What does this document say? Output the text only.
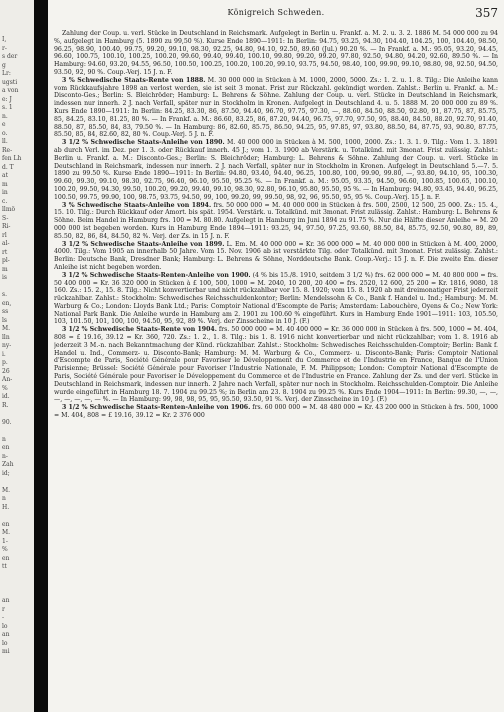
I,
r-
s der
g
Lr:
ugsti
a von
e: J
s. 1
n.
e
o.
ll.
Re-
fen Lh
d. T
at
m
in
c.
llmö
S-
Ri-
rl
al-
rt
pl-
m
is
s.
en,
ss
ls
M.
lln
ny-
i.
p.
26
An-
%
id.
R.
90.
n
en
n-
Zah
id;
M.
n
H.
en
M.
1-
%
en
tt
an
r
-
lo
an
lo
mi
Königreich Schweden.	357

Zahlung der Coup. u. verl. Stücke in Deutschland in Reichsmark. Aufgelegt in Berlin u. Frankf. a. M. 2. u. 3. 2. 1886 M. 54 000 000 zu 94 %, aufgelegt in Hamburg (5. 1890 zu 99,50 %). Kurse Ende 1890—1911: In Berlin: 94.75, 93.25, 94.30, 104.40, 104.25, 100, 104.40, 98.50, 96.25, 98.90, 100.40, 99.75, 99.20, 99.10, 98.30, 92.25, 94.80, 94.10, 92.50, 89.60 (Jul.) 90.20 %. — In Frankf. a. M.: 95.05, 93.20, 94.45, 96.60, 100.75, 100.10, 100.25, 100.20, 99.60, 99.40, 99.40, 100.10, 99.80, 99.20, 99.20, 97.80, 92.50, 94.80, 94.20, 92.60, 89.50 %. — In Hamburg: 94.60, 93.20, 94.55, 96.50, 100.50, 100.25, 100.20, 100.20, 99.10, 93.75, 94.50, 98.40, 100, 99.90, 99.10, 98.80, 98, 92.50, 94.50, 93.50, 92, 90 %. Coup.-Verj. 15 J. n. F.

3 % Schwedische Staats-Rente von 1888. M. 30 000 000 in Stücken à M. 1000, 2000, 5000. Zs.: 1. 2. u. 1. 8. Tilg.: Die Anleihe kann vom Rückkaufsjahre 1898 an verlost werden, sie ist seit 3 monat. Frist zur Rückzahl. gekündigt worden. Zahlst.: Berlin u. Frankf. a. M.: Disconto-Ges.; Berlin: S. Bleichröder; Hamburg: L. Behrens & Söhne. Zahlung der Coup. u. verl. Stücke in Deutschland in Reichsmark, indessen nur innerh. 2 J. nach Verfall, später nur in Stockholm in Kronen. Aufgelegt in Deutschland 4. u. 5. 1888 M. 20 000 000 zu 89 %. Kurs Ende 1890—1911: In Berlin: 84.25, 83.30, 86, 87.50, 94.40, 96.70, 97.75, 97.30, —, 88.60, 84.50, 88.50, 92.80, 91, 87.75, 87, 85.75, 85, 84.25, 83.10, 81.25, 80 %. — In Frankf. a. M.: 86.60, 83.25, 86, 87.20, 94.40, 96.75, 97.70, 97.50, 95, 88.40, 84.50, 88.20, 92.70, 91.40, 88.50, 87, 85.50, 84, 83, 79.50 %. — In Hamburg: 86, 82.60, 85.75, 86.50, 94.25, 95, 97.85, 97, 93.80, 88.50, 84, 87.75, 93, 90.80, 87.75, 85.50, 85, 84, 82.60, 82, 80 %. Coup.-Verj. 5 J. n. F.

3 1/2 % Schwedische Staats-Anleihe von 1890. M. 40 000 000 in Stücken à M. 500, 1000, 2000. Zs.: 1. 3. 1. 9. Tilg.: Vom 1. 3. 1891 ab durch Verl. im Dez. per 1. 3. oder Rückkauf innerh. 45 J.; vom 1. 3. 1900 ab Verstärk. u. Totalkünd. mit 3monat. Frist zulässig. Zahlst.: Berlin u. Frankf. a. M.: Disconto-Ges.; Berlin: S. Bleichröder; Hamburg: L. Behrens & Söhne. Zahlung der Coup. u. verl. Stücke in Deutschland in Reichsmark, indessen nur innerh. 2 J. nach Verfall, später nur in Stockholm in Kronen. Aufgelegt in Deutschland 5.—7. 5. 1890 zu 99.50 %. Kurse Ende 1890—1911: In Berlin: 94.80, 93.40, 94.40, 96.25, 100.80, 100, 99.90, 99.80, —, 93.80, 94.10, 95, 100.30, 99.60, 99.30, 99.10, 98.30, 92.75, 96.40, 96.10, 95.50, 95.25 %. — In Frankf. a. M.: 95.05, 93.35, 94.50, 96.60, 100.85, 100.65, 100.10, 100.20, 99.50, 94.30, 99.50, 100.20, 99.20, 99.40, 99.10, 98.30, 92.80, 96.10, 95.80, 95.50, 95 %. — In Hamburg: 94.80, 93.45, 94.40, 96.25, 100.50, 99.75, 99.90, 100, 98.75, 93.75, 94.50, 99, 100, 99.20, 99, 99.50, 98, 92, 96, 95.50, 95, 95 %. Coup.-Verj. 15 J. n. F.

3 % Schwedische Staats-Anleihe von 1894. frs. 50 000 000 = M. 40 000 000 in Stücken à frs. 500, 2500, 12 500, 25 000. Zs.: 15. 4., 15. 10. Tilg.: Durch Rückkauf oder Amort. bis spät. 1954. Verstärk. u. Totalkünd. mit 3monat. Frist zulässig. Zahlst.: Hamburg: L. Behrens & Söhne. Beim Handel in Hamburg frs. 100 = M. 80.80. Aufgelegt in Hamburg im Juni 1894 zu 91.75 %. Nur die Hälfte dieser Anleihe = M. 20 000 000 ist begeben worden. Kurs in Hamburg Ende 1894—1911: 93.25, 94, 97.50, 97.25, 93.60, 88.50, 84, 85.75, 92.50, 90.80, 89, 89, 85.50, 82, 86, 84, 84.50, 82 %. Verj. der Zs. in 15 J. n. F.

3 1/2 % Schwedische Staats-Anleihe von 1899. L. Em. M. 40 000 000 = Kr. 36 000 000 = M. 40 000 000 in Stücken à M. 400, 2000, 4000. Tilg.: Vom 1905 an innerhalb 50 Jahre. Vom 15. Nov. 1906 ab ist verstärkte Tilg. oder Totalkünd. mit 3monat. Frist zulässig. Zahlst.: Berlin: Deutsche Bank, Dresdner Bank; Hamburg: L. Behrens & Söhne, Norddeutsche Bank. Coup.-Verj.: 15 J. n. F. Die zweite Em. dieser Anleihe ist nicht begeben worden.

3 1/2 % Schwedische Staats-Renten-Anleihe von 1900. (4 % bis 15./8. 1910, seitdem 3 1/2 %) frs. 62 000 000 = M. 40 800 000 = frs. 50 400 000 = Kr. 36 320 000 in Stücken à £ 100, 500, 1000 = M. 2040, 10 200, 20 400 = frs. 2520, 12 600, 25 200 = Kr. 1816, 9080, 18 160. Zs.: 15. 2., 15. 8. Tilg.: Nicht konvertierbar und nicht rückzahlbar vor 15. 8. 1920; vom 15. 8. 1920 ab mit dreimonatiger Frist jederzeit rückzahlbar. Zahlst.: Stockholm: Schwedisches Reichsschuldenkontor; Berlin: Mendelssohn & Co., Bank f. Handel u. Ind.; Hamburg: M. M. Warburg & Co.; London: Lloyds Bank Ltd.; Paris: Comptoir National d'Escompte de Paris; Amsterdam: Labouchère, Oyens & Co.; New York: National Park Bank. Die Anleihe wurde in Hamburg am 2. 1901 zu 100.60 % eingeführt. Kurs in Hamburg Ende 1901—1911: 103, 105.50, 103, 101.50, 101, 100, 100, 94.50, 95, 92, 89 %. Verj. der Zinsscheine in 10 J. (F.)

3 1/2 % Schwedische Staats-Rente von 1904. frs. 50 000 000 = M. 40 400 000 = Kr. 36 000 000 in Stücken à frs. 500, 1000 = M. 404, 808 = £ 19.16, 39.12 = Kr. 360, 720. Zs.: 1. 2., 1. 8. Tilg.: bis 1. 8. 1916 nicht konvertierbar und nicht rückzahlbar; vom 1. 8. 1916 ab jederzeit 3 M.-n. nach Bekanntmachung der Künd. rückzahlbar. Zahlst.: Stockholm: Schwedisches Reichsschulden-Comptoir; Berlin: Bank f. Handel u. Ind., Commerz- u. Disconto-Bank; Hamburg: M. M. Warburg & Co., Commerz- u. Disconto-Bank; Paris: Comptoir National d'Escompte de Paris, Société Générale pour Favoriser le Développement du Commerce et de l'Industrie en France, Banque de l'Union Parisienne; Brüssel: Société Générale pour Favoriser l'Industrie Nationale, F. M. Philippson; London: Comptoir National d'Escompte de Paris, Société Générale pour Favoriser le Développement du Commerce et de l'Industrie en France. Zahlung der Zs. und der verl. Stücke in Deutschland in Reichsmark, indessen nur innerh. 2 Jahre nach Verfall, später nur noch in Stockholm. Reichsschulden-Comptoir. Die Anleihe wurde eingeführt in Hamburg 18. 7. 1904 zu 99.25 %; in Berlin am 23. 8. 1904 zu 99.25 %. Kurs Ende 1904—1911: In Berlin: 99.30, —, —, —, —, —, —, — %. — In Hamburg: 99, 98, 98, 95, 95, 95.50, 93.50, 91 %. Verj. der Zinsscheine in 10 J. (F.)

3 1/2 % Schwedische Staats-Renten-Anleihe von 1906. frs. 60 000 000 = M. 48 480 000 = Kr. 43 200 000 in Stücken à frs. 500, 1000 = M. 404, 808 = £ 19.16, 39.12 = Kr. 2 376 000
